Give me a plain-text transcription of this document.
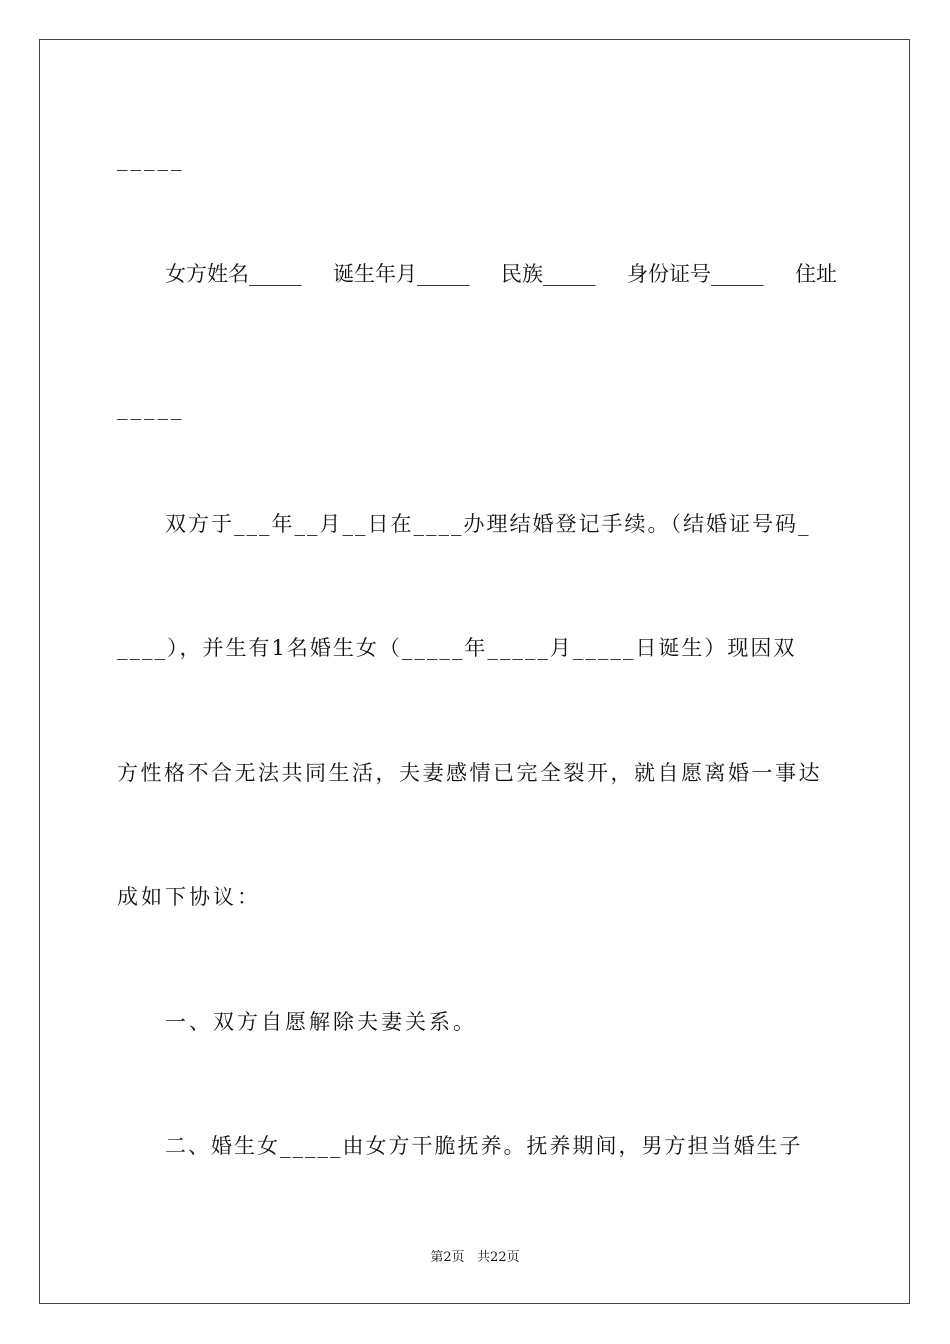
_____
女方姓名_____ 诞生年月_____ 民族_____ 身份证号_____ 住址
_____
双方于___年__月__日在____办理结婚登记手续。（结婚证号码_
____），并生有1名婚生女（_____年_____月_____日诞生）现因双
方性格不合无法共同生活，夫妻感情已完全裂开，就自愿离婚一事达
成如下协议：
一、双方自愿解除夫妻关系。
二、婚生女_____由女方干脆抚养。抚养期间，男方担当婚生子
第2页   共22页
